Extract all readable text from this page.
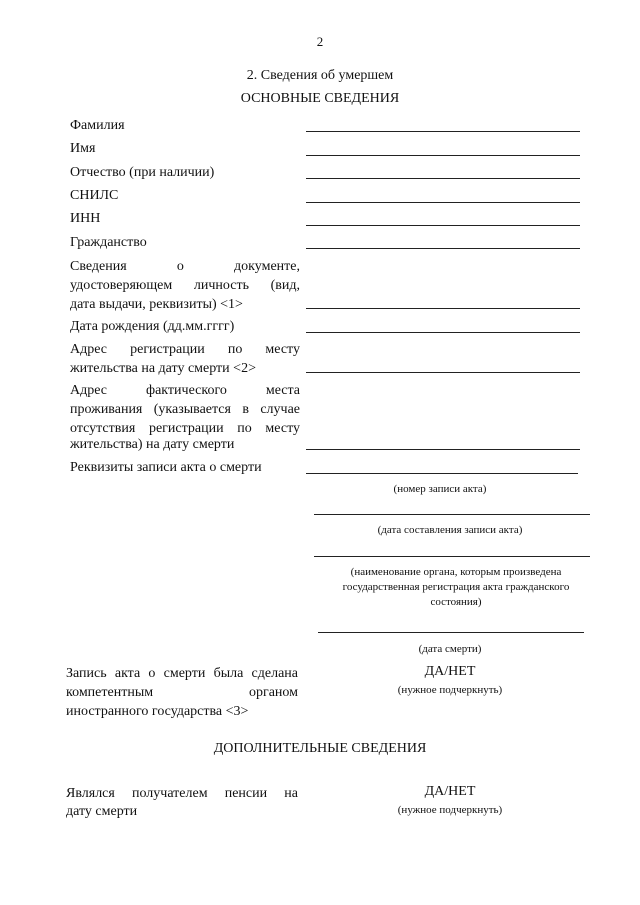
2
2. Сведения об умершем
ОСНОВНЫЕ СВЕДЕНИЯ
Фамилия
Имя
Отчество (при наличии)
СНИЛС
ИНН
Гражданство
Сведения о документе,
удостоверяющем личность (вид,
дата выдачи, реквизиты) <1>
Дата рождения (дд.мм.гггг)
Адрес регистрации по месту
жительства на дату смерти <2>
Адрес фактического места
проживания (указывается в случае
отсутствия регистрации по месту
жительства) на дату смерти
Реквизиты записи акта о смерти
(номер записи акта)
(дата составления записи акта)
(наименование органа, которым произведена
государственная регистрация акта гражданского
состояния)
(дата смерти)
Запись акта о смерти была сделана
компетентным органом
иностранного государства <3>
ДА/НЕТ
(нужное подчеркнуть)
ДОПОЛНИТЕЛЬНЫЕ СВЕДЕНИЯ
Являлся получателем пенсии на
дату смерти
ДА/НЕТ
(нужное подчеркнуть)
